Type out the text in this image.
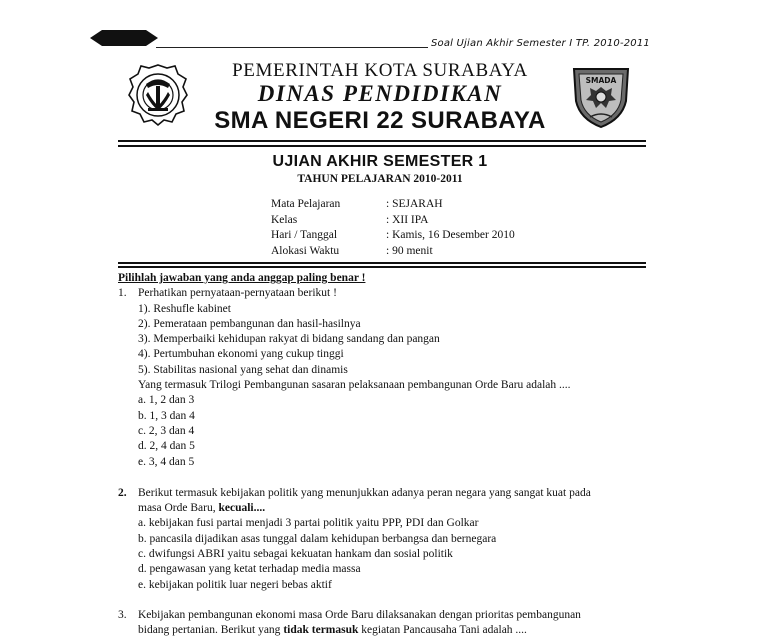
Soal Ujian Akhir Semester I TP. 2010-2011
SMADA
PEMERINTAH KOTA SURABAYA
DINAS PENDIDIKAN
SMA NEGERI 22 SURABAYA
UJIAN AKHIR SEMESTER 1
TAHUN PELAJARAN 2010-2011
Mata Pelajaran	: SEJARAH
Kelas	: XII IPA
Hari / Tanggal	: Kamis, 16 Desember 2010
Alokasi Waktu	: 90 menit
Pilihlah jawaban yang anda anggap paling benar !
1. Perhatikan pernyataan-pernyataan berikut !
1). Reshufle kabinet
2). Pemerataan pembangunan dan hasil-hasilnya
3). Memperbaiki kehidupan rakyat di bidang sandang dan pangan
4). Pertumbuhan ekonomi yang cukup tinggi
5). Stabilitas nasional yang sehat dan dinamis
Yang termasuk Trilogi Pembangunan sasaran pelaksanaan pembangunan Orde Baru adalah ....
a. 1, 2 dan 3
b. 1, 3 dan 4
c. 2, 3 dan 4
d. 2, 4 dan 5
e. 3, 4 dan 5
2. Berikut termasuk kebijakan politik yang menunjukkan adanya peran negara yang sangat kuat pada
masa Orde Baru, kecuali....
a. kebijakan fusi partai menjadi 3 partai politik yaitu PPP, PDI dan Golkar
b. pancasila dijadikan asas tunggal dalam kehidupan berbangsa dan bernegara
c. dwifungsi ABRI yaitu sebagai kekuatan hankam dan sosial politik
d. pengawasan yang ketat terhadap media massa
e. kebijakan politik luar negeri bebas aktif
3. Kebijakan pembangunan ekonomi masa Orde Baru dilaksanakan dengan prioritas pembangunan
bidang pertanian. Berikut yang tidak termasuk kegiatan Pancausaha Tani adalah ....
